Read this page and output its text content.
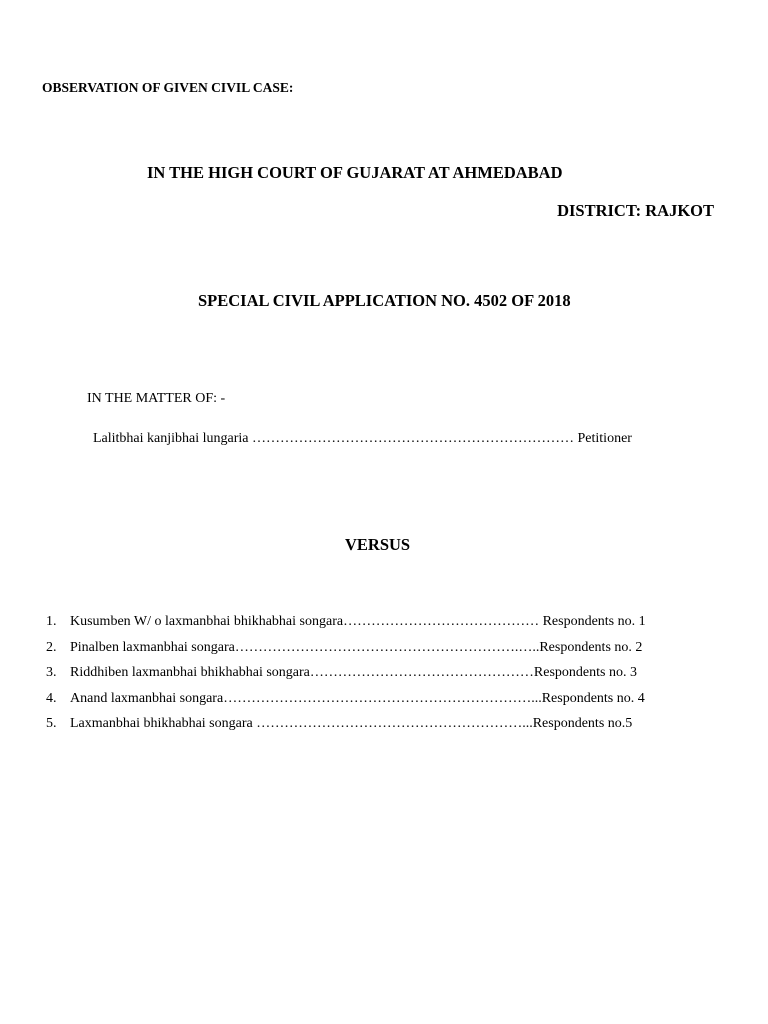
OBSERVATION OF GIVEN CIVIL CASE:
IN THE HIGH COURT OF GUJARAT AT AHMEDABAD
DISTRICT: RAJKOT
SPECIAL CIVIL APPLICATION NO. 4502 OF 2018
IN THE MATTER OF: -
Lalitbhai kanjibhai lungaria …………………………………………………………… Petitioner
VERSUS
1. Kusumben W/ o laxmanbhai bhikhabhai songara…………………………………… Respondents no. 1
2. Pinalben laxmanbhai songara…………………………………………………….…..Respondents no. 2
3. Riddhiben laxmanbhai bhikhabhai songara…………………………………………Respondents no. 3
4. Anand laxmanbhai songara…………………………………………………………...Respondents no. 4
5. Laxmanbhai bhikhabhai songara …………………………………………………...Respondents no.5
